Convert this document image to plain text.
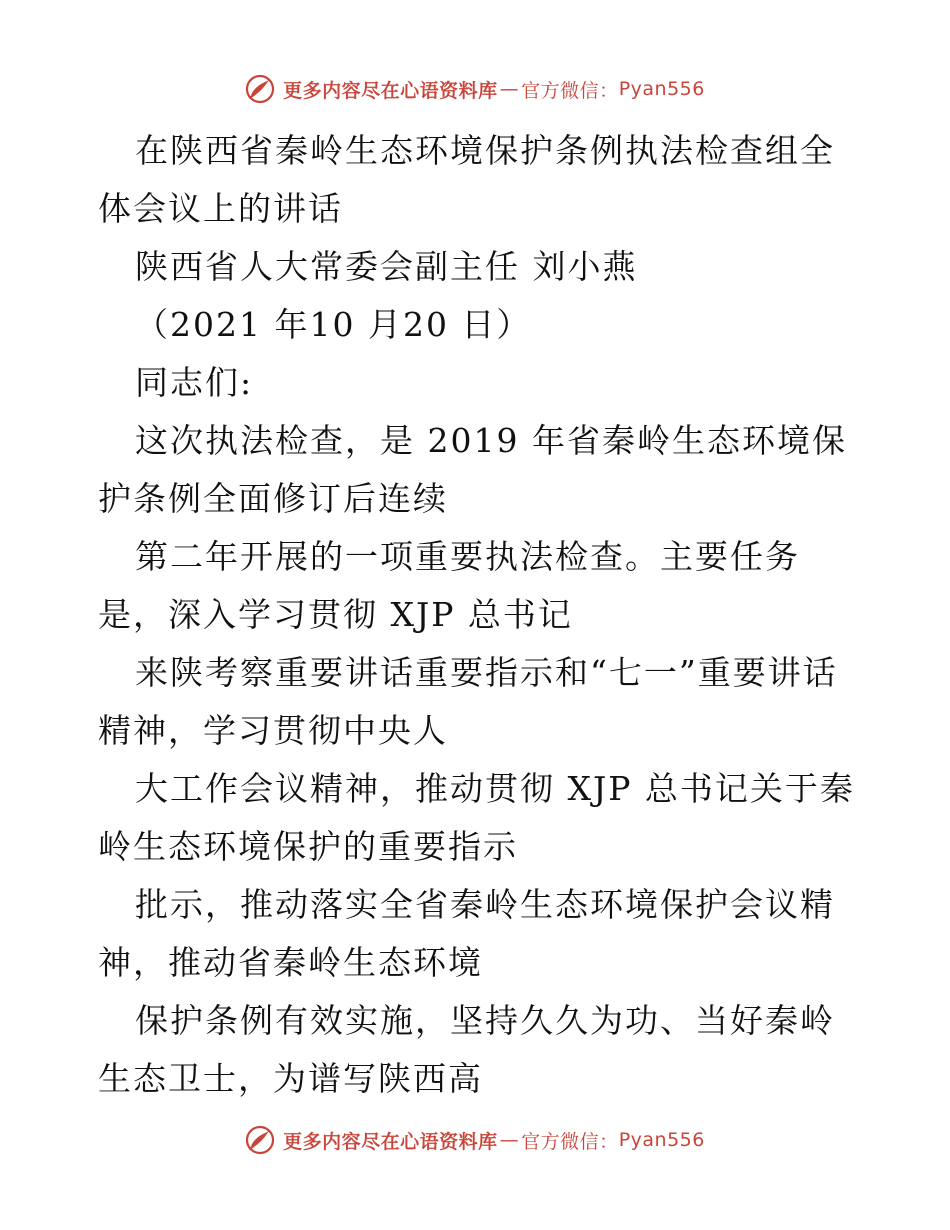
更多内容尽在心语资料库 — 官方微信： Pyan556

在陕西省秦岭生态环境保护条例执法检查组全体会议上的讲话

陕西省人大常委会副主任 刘小燕

（2021 年10 月20 日）

同志们:

这次执法检查，是 2019 年省秦岭生态环境保护条例全面修订后连续

第二年开展的一项重要执法检查。主要任务是，深入学习贯彻 XJP 总书记

来陕考察重要讲话重要指示和“七一”重要讲话精神，学习贯彻中央人

大工作会议精神，推动贯彻 XJP 总书记关于秦岭生态环境保护的重要指示

批示，推动落实全省秦岭生态环境保护会议精神，推动省秦岭生态环境

保护条例有效实施，坚持久久为功、当好秦岭生态卫士，为谱写陕西高

更多内容尽在心语资料库 — 官方微信： Pyan556
